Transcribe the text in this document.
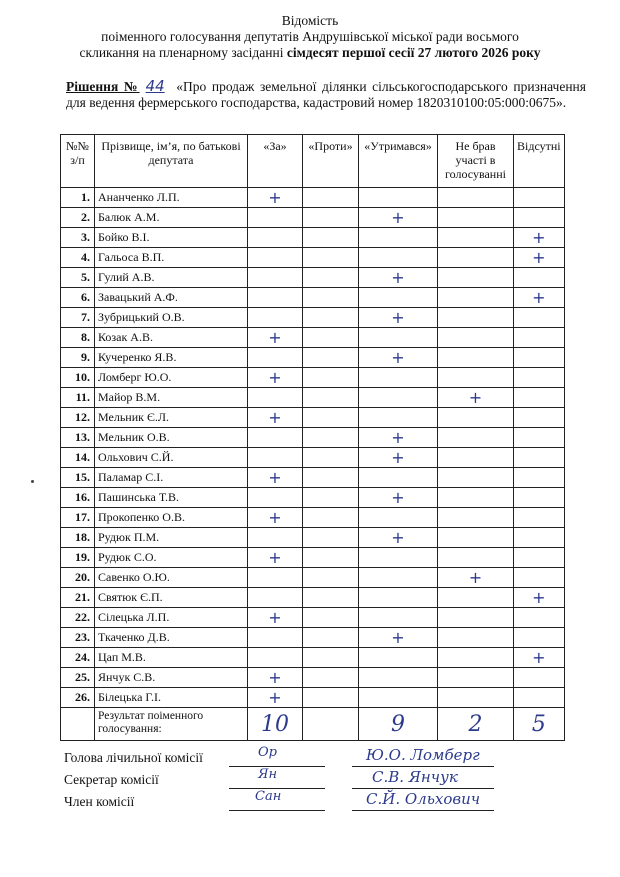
Відомість
поіменного голосування депутатів Андрушівської міської ради восьмого
скликання на пленарному засіданні сімдесят першої сесії 27 лютого 2026 року
Рішення № 44 «Про продаж земельної ділянки сільськогосподарського призначення для ведення фермерського господарства, кадастровий номер 1820310100:05:000:0675».
№№ з/п	Прізвище, ім’я, по батькові депутата	«За»	«Проти»	«Утримався»	Не брав участі в голосуванні	Відсутні
1.	Ананченко Л.П.	+				
2.	Балюк А.М.			+		
3.	Бойко В.І.					+
4.	Гальоса В.П.					+
5.	Гулий А.В.			+		
6.	Завацький А.Ф.					+
7.	Зубрицький О.В.			+		
8.	Козак А.В.	+				
9.	Кучеренко Я.В.			+		
10.	Ломберг Ю.О.	+				
11.	Майор В.М.				+	
12.	Мельник Є.Л.	+				
13.	Мельник О.В.			+		
14.	Ольхович С.Й.			+		
15.	Паламар С.І.	+				
16.	Пашинська Т.В.			+		
17.	Прокопенко О.В.	+				
18.	Рудюк П.М.			+		
19.	Рудюк С.О.	+				
20.	Савенко О.Ю.				+	
21.	Святюк Є.П.					+
22.	Сілецька Л.П.	+				
23.	Ткаченко Д.В.			+		
24.	Цап М.В.					+
25.	Янчук С.В.	+				
26.	Білецька Г.І.	+				
	Результат поіменного голосування:	10		9	2	5
Голова лічильної комісії	Ор	Ю.О. Ломберг
Секретар комісії	Ян	С.В. Янчук
Член комісії	Сан	С.Й. Ольхович
